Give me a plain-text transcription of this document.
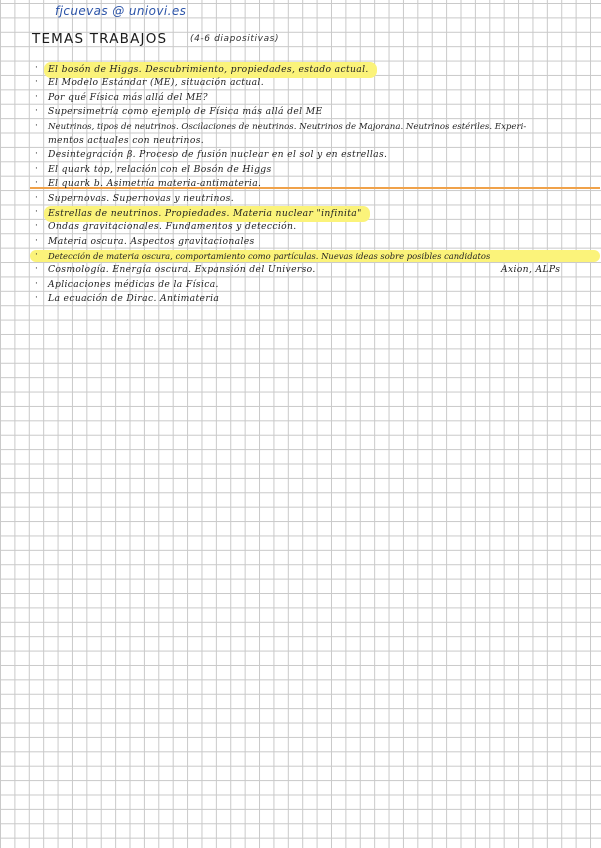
fjcuevas @ uniovi.es
TEMAS TRABAJOS	(4-6 diapositivas)
·	El bosón de Higgs. Descubrimiento, propiedades, estado actual.
· El Modelo Estándar (ME), situación actual.
· Por qué Física más allá del ME?
· Supersimetría como ejemplo de Física más allá del ME
· Neutrinos, tipos de neutrinos. Oscilaciones de neutrinos. Neutrinos de Majorana. Neutrinos estériles. Experi-
mentos actuales con neutrinos.
· Desintegración β. Proceso de fusión nuclear en el sol y en estrellas.
· El quark top, relación con el Bosón de Higgs
· El quark b. Asimetría materia-antimateria.
· Supernovas. Supernovas y neutrinos.
·	Estrellas de neutrinos. Propiedades. Materia nuclear "infinita"
· Ondas gravitacionales. Fundamentos y detección.
· Materia oscura. Aspectos gravitacionales
· Detección de materia oscura, comportamiento como partículas. Nuevas ideas sobre posibles candidatos
· Cosmología. Energía oscura. Expansión del Universo.	Axion, ALPs
· Aplicaciones médicas de la Física.
· La ecuación de Dirac. Antimateria
